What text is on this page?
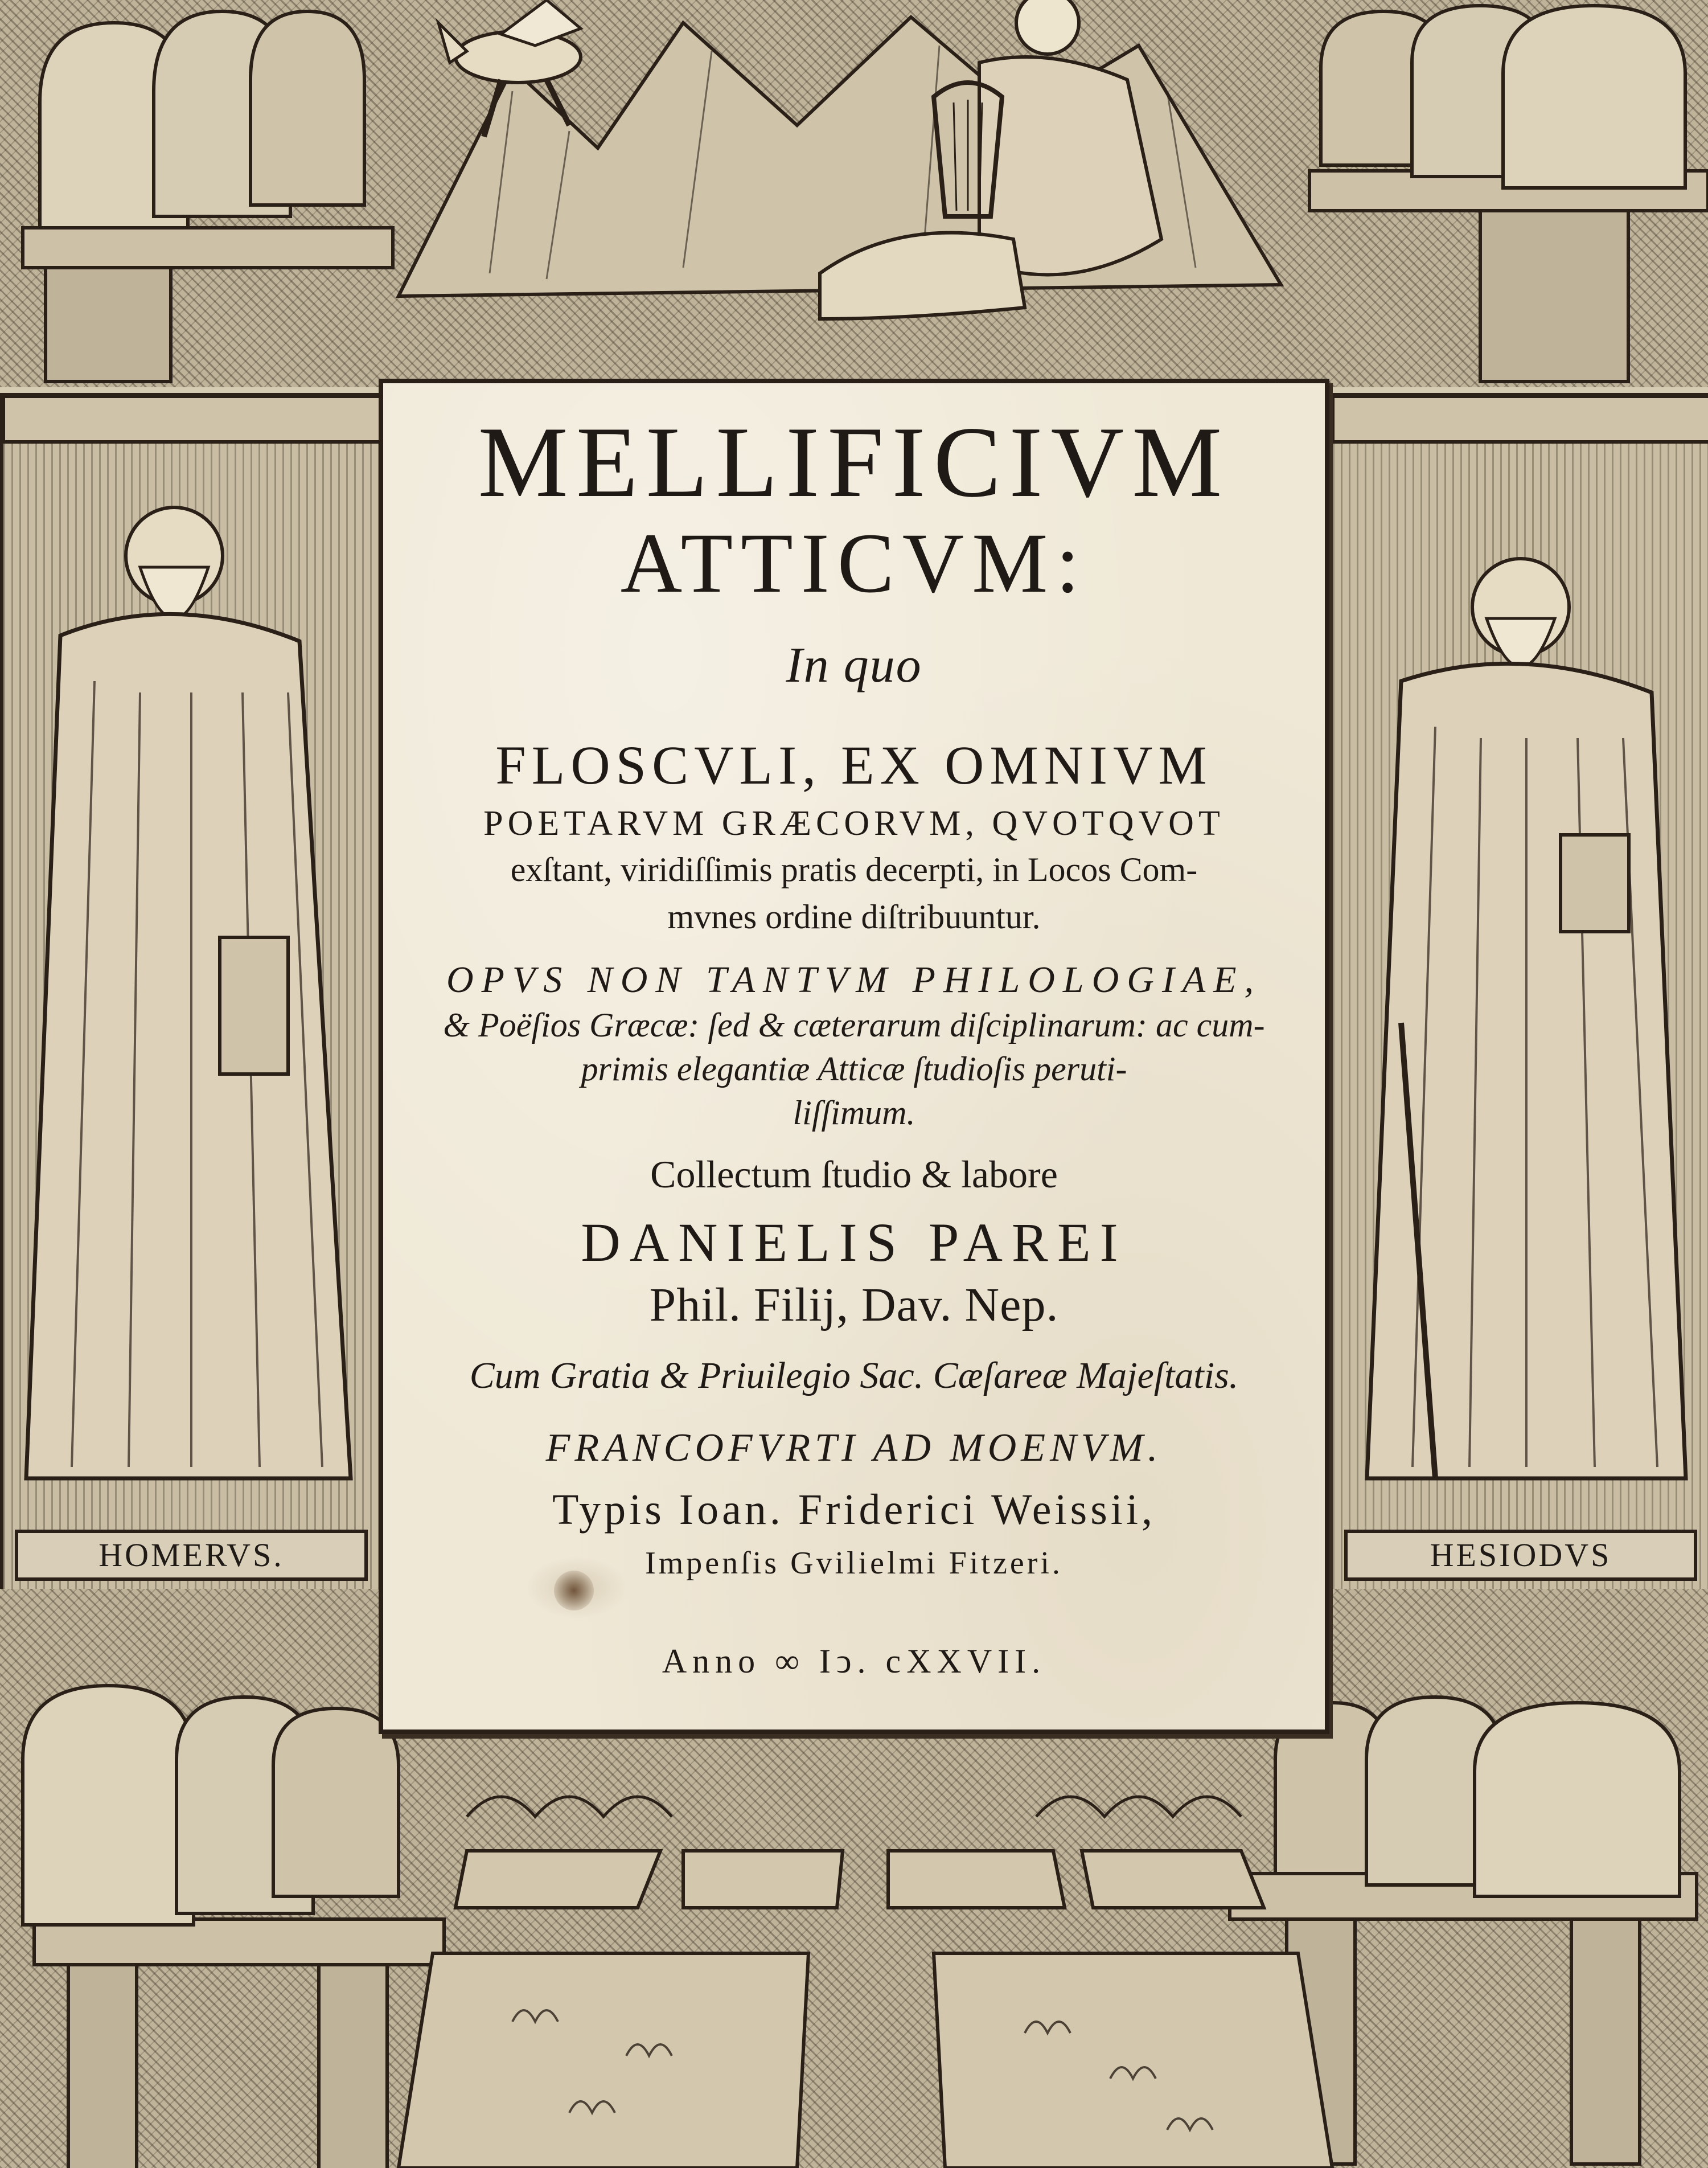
HOMERVS.	HESIODVS
MELLIFICIVM
ATTICVM:
In quo
FLOSCVLI, EX OMNIVM
POETARVM GRÆCORVM, QVOTQVOT
exſtant, viridiſſimis pratis decerpti, in Locos Com-
mvnes ordine diſtribuuntur.
OPVS NON TANTVM PHILOLOGIAE,
& Poëſios Græcæ: ſed & cæterarum diſciplinarum: ac cum-
primis elegantiæ Atticæ ſtudioſis peruti-
liſſimum.
Collectum ſtudio & labore
DANIELIS PAREI
Phil. Filij, Dav. Nep.
Cum Gratia & Priuilegio Sac. Cæſareæ Majeſtatis.
FRANCOFVRTI AD MOENVM.
Typis Ioan. Friderici Weissii,
Impenſis Gvilielmi Fitzeri.
Anno ∞ Iↄ. cXXVII.
